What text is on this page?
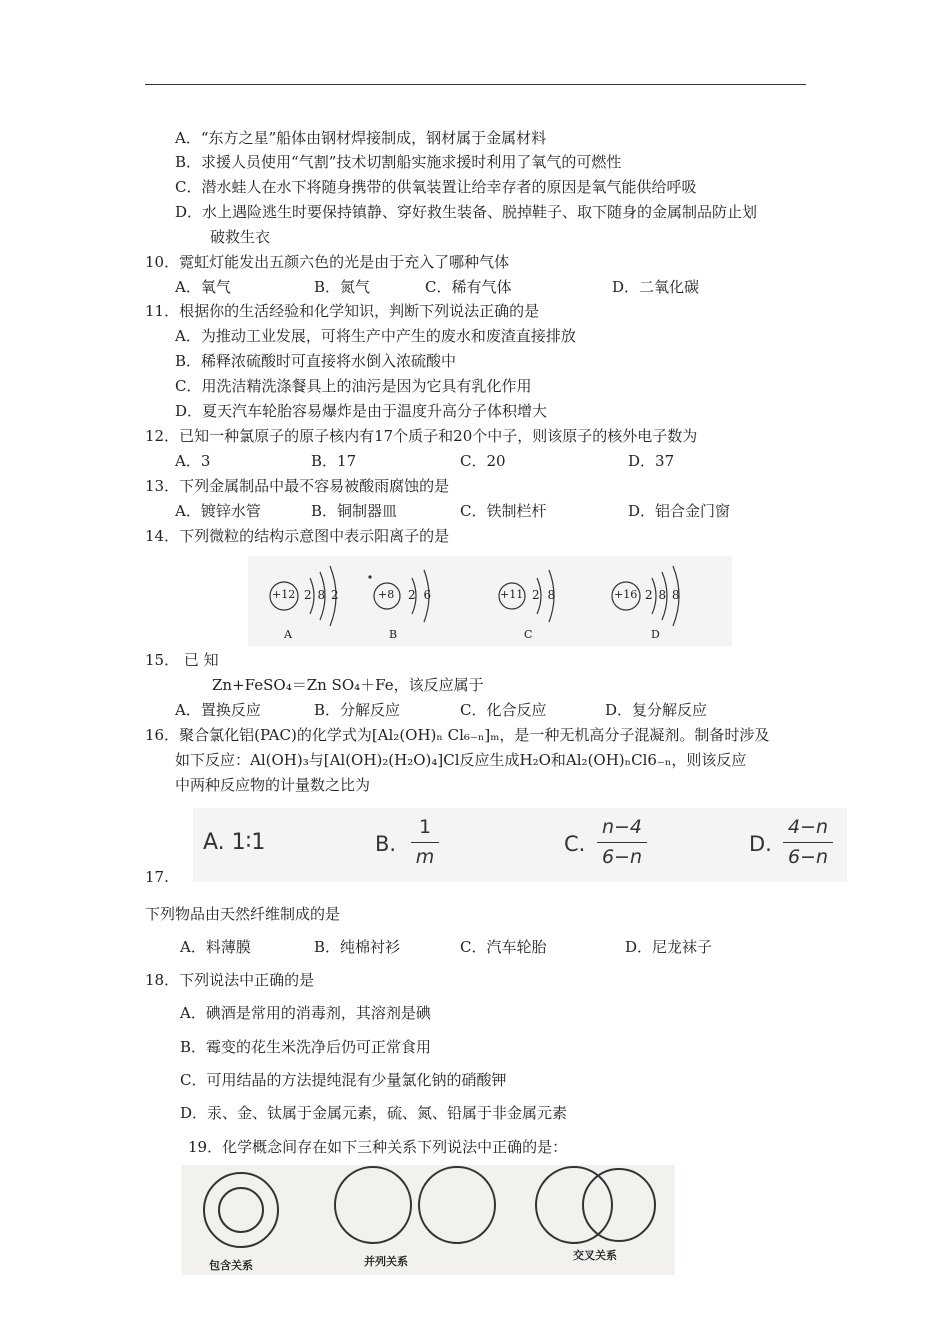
A．“东方之星”船体由钢材焊接制成，钢材属于金属材料
B．求援人员使用“气割”技术切割船实施求援时利用了氧气的可燃性
C．潜水蛙人在水下将随身携带的供氧装置让给幸存者的原因是氧气能供给呼吸
D．水上遇险逃生时要保持镇静、穿好救生装备、脱掉鞋子、取下随身的金属制品防止划
破救生衣
10．霓虹灯能发出五颜六色的光是由于充入了哪种气体
A．氧气	B．氮气	C．稀有气体	D．二氧化碳
11．根据你的生活经验和化学知识，判断下列说法正确的是
A．为推动工业发展，可将生产中产生的废水和废渣直接排放
B．稀释浓硫酸时可直接将水倒入浓硫酸中
C．用洗洁精洗涤餐具上的油污是因为它具有乳化作用
D．夏天汽车轮胎容易爆炸是由于温度升高分子体积增大
12．已知一种氯原子的原子核内有17个质子和20个中子，则该原子的核外电子数为
A．3	B．17	C．20	D．37
13．下列金属制品中最不容易被酸雨腐蚀的是
A．镀锌水管	B．铜制器皿	C．铁制栏杆	D．铝合金门窗
14．下列微粒的结构示意图中表示阳离子的是
+12 2 8 2
A
+8 2 6
B
+11 2 8
C
+16 2 8 8
D
15． 已 知
Zn+FeSO₄＝Zn SO₄＋Fe，该反应属于
A．置换反应	B．分解反应	C．化合反应	D．复分解反应
16．聚合氯化铝(PAC)的化学式为[Al₂(OH)ₙ Cl₆₋ₙ]ₘ，是一种无机高分子混凝剂。制备时涉及
如下反应：Al(OH)₃与[Al(OH)₂(H₂O)₄]Cl反应生成H₂O和Al₂(OH)ₙCl6₋ₙ，则该反应
中两种反应物的计量数之比为
A. 1∶1	B.
1
m
C.
n−4
6−n
D.
4−n
6−n
17.
下列物品由天然纤维制成的是
A．料薄膜	B．纯棉衬衫	C．汽车轮胎	D．尼龙袜子
18．下列说法中正确的是
A．碘酒是常用的消毒剂，其溶剂是碘
B．霉变的花生米洗净后仍可正常食用
C．可用结晶的方法提纯混有少量氯化钠的硝酸钾
D．汞、金、钛属于金属元素，硫、氮、铅属于非金属元素
19．化学概念间存在如下三种关系下列说法中正确的是：
包含关系	并列关系	交叉关系
